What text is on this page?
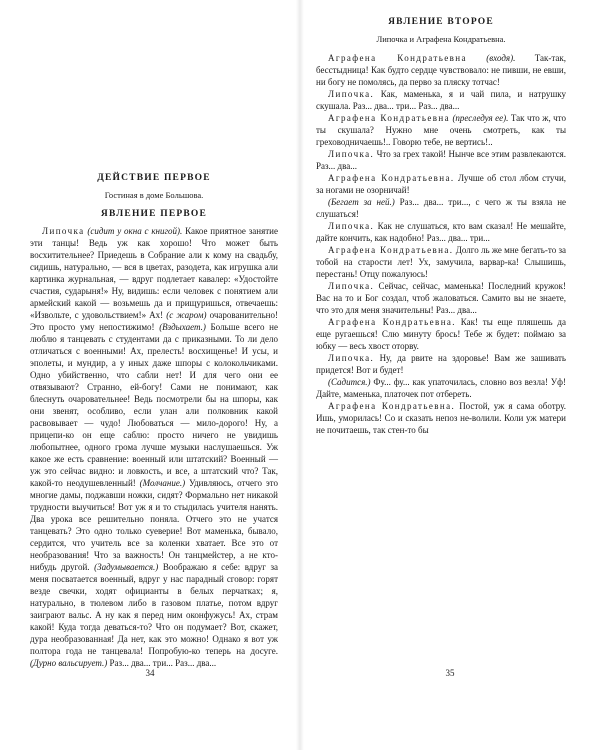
ДЕЙСТВИЕ ПЕРВОЕ
Гостиная в доме Большова.
ЯВЛЕНИЕ ПЕРВОЕ

Липочка (сидит у окна с книгой). Какое приятное занятие эти танцы! Ведь уж как хорошо! Что может быть восхитительнее? Приедешь в Собрание али к кому на свадьбу, сидишь, натурально, — вся в цветах, разодета, как игрушка али картинка журнальная, — вдруг подлетает кавалер: «Удостойте счастия, сударыня!» Ну, видишь: если человек с понятием али армейский какой — возьмешь да и прищуришься, отвечаешь: «Извольте, с удовольствием!» Ах! (с жаром) очарованительно! Это просто уму непостижимо! (Вздыхает.) Больше всего не люблю я танцевать с студентами да с приказными. То ли дело отличаться с военными! Ах, прелесть! восхищенье! И усы, и эполеты, и мундир, а у иных даже шпоры с колокольчиками. Одно убийственно, что сабли нет! И для чего они ее отвязывают? Странно, ей-богу! Сами не понимают, как блеснуть очаровательнее! Ведь посмотрели бы на шпоры, как они звенят, особливо, если улан али полковник какой расвовывает — чудо! Любоваться — мило-дорого! Ну, а прицепи-ко он еще саблю: просто ничего не увидишь любопытнее, одного грома лучше музыки наслушаешься. Уж какое же есть сравнение: военный или штатский? Военный — уж это сейчас видно: и ловкость, и все, а штатский что? Так, какой-то неодушевленный! (Молчание.) Удивляюсь, отчего это многие дамы, поджавши ножки, сидят? Формально нет никакой трудности выучиться! Вот уж я и то стыдилась учителя нанять. Два урока все решительно поняла. Отчего это не учатся танцевать? Это одно только суеверие! Вот маменька, бывало, сердится, что учитель все за коленки хватает. Все это от необразования! Что за важность! Он танцмейстер, а не кто-нибудь другой. (Задумывается.) Воображаю я себе: вдруг за меня посватается военный, вдруг у нас парадный сговор: горят везде свечки, ходят официанты в белых перчатках; я, натурально, в тюлевом либо в газовом платье, потом вдруг заиграют вальс. А ну как я перед ним оконфужусь! Ах, страм какой! Куда тогда деваться-то? Что он подумает? Вот, скажет, дура необразованная! Да нет, как это можно! Однако я вот уж полтора года не танцевала! Попробую-ко теперь на досуге. (Дурно вальсирует.) Раз... два... три... Раз... два...

34
ЯВЛЕНИЕ ВТОРОЕ
Липочка и Аграфена Кондратьевна.

Аграфена Кондратьевна (входя). Так-так, бесстыдница! Как будто сердце чувствовало: не пивши, не евши, ни богу не помолясь, да перво за пляску тотчас!

Липочка. Как, маменька, я и чай пила, и натрушку скушала. Раз... два... три... Раз... два...

Аграфена Кондратьевна (преследуя ее). Так что ж, что ты скушала? Нужно мне очень смотреть, как ты греховодничаешь!.. Говорю тебе, не вертись!..

Липочка. Что за грех такой! Нынче все этим развлекаются. Раз... два...

Аграфена Кондратьевна. Лучше об стол лбом стучи, за ногами не озорничай!

(Бегает за ней.) Раз... два... три..., с чего ж ты взяла не слушаться!

Липочка. Как не слушаться, кто вам сказал! Не мешайте, дайте кончить, как надобно! Раз... два... три...

Аграфена Кондратьевна. Долго ль же мне бегать-то за тобой на старости лет! Ух, замучила, варвар-ка! Слышишь, перестань! Отцу пожалуюсь!

Липочка. Сейчас, сейчас, маменька! Последний кружок! Вас на то и Бог создал, чтоб жаловаться. Самито вы не знаете, что это для меня значительны! Раз... два...

Аграфена Кондратьевна. Как! ты еще пляшешь да еще ругаешься! Слю минуту брось! Тебе ж будет: поймаю за юбку — весь хвост оторву.

Липочка. Ну, да рвите на здоровье! Вам же зашивать придется! Вот и будет!

(Садится.) Фу... фу... как упаточилась, словно воз везла! Уф! Дайте, маменька, платочек пот отбереть.

Аграфена Кондратьевна. Постой, уж я сама оботру. Ишь, уморилась! Со и сказать непоз не-волили. Коли уж матери не почитаешь, так стен-то бы

35
